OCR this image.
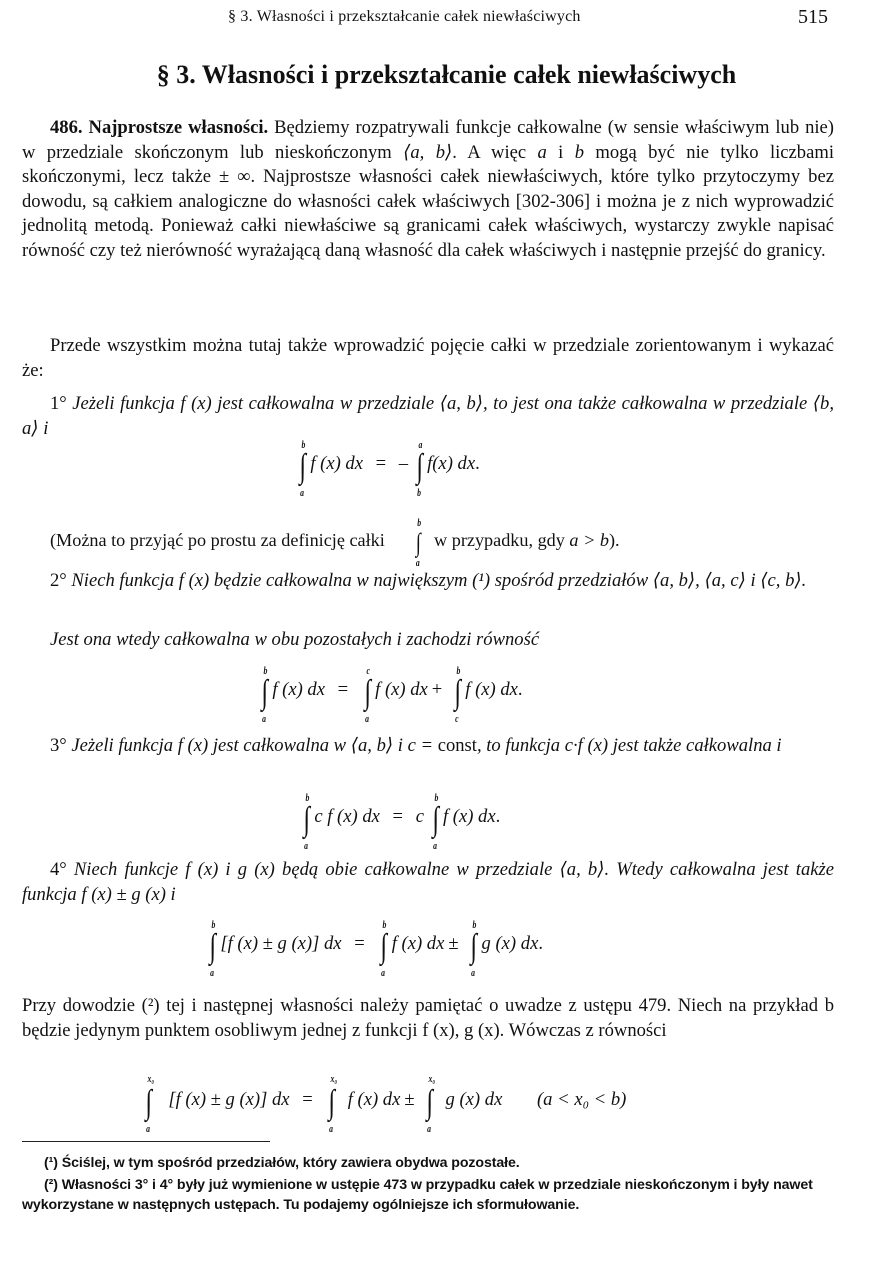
§ 3. Własności i przekształcanie całek niewłaściwych	515
§ 3. Własności i przekształcanie całek niewłaściwych

486. Najprostsze własności. Będziemy rozpatrywali funkcje całkowalne (w sensie właściwym lub nie) w przedziale skończonym lub nieskończonym ⟨a, b⟩. A więc a i b mogą być nie tylko liczbami skończonymi, lecz także ± ∞. Najprostsze własności całek niewłaściwych, które tylko przytoczymy bez dowodu, są całkiem analogiczne do własności całek właściwych [302-306] i można je z nich wyprowadzić jednolitą metodą. Ponieważ całki niewłaściwe są granicami całek właściwych, wystarczy zwykle napisać równość czy też nierówność wyrażającą daną własność dla całek właściwych i następnie przejść do granicy.

Przede wszystkim można tutaj także wprowadzić pojęcie całki w przedziale zorientowanym i wykazać że:

1° Jeżeli funkcja f (x) jest całkowalna w przedziale ⟨a, b⟩, to jest ona także całkowalna w przedziale ⟨b, a⟩ i

∫
b
a
f (x) dx = – ∫
a
b
f(x) dx.

(Można to przyjąć po prostu za definicję całki ∫
b
a
w przypadku, gdy a > b).

2° Niech funkcja f (x) będzie całkowalna w największym (¹) spośród przedziałów ⟨a, b⟩, ⟨a, c⟩ i ⟨c, b⟩.

Jest ona wtedy całkowalna w obu pozostałych i zachodzi równość

∫
b
a
f (x) dx = ∫
c
a
f (x) dx + ∫
b
c
f (x) dx.

3° Jeżeli funkcja f (x) jest całkowalna w ⟨a, b⟩ i c = const, to funkcja c·f (x) jest także całkowalna i

∫
b
a
c f (x) dx = c ∫
b
a
f (x) dx.

4° Niech funkcje f (x) i g (x) będą obie całkowalne w przedziale ⟨a, b⟩. Wtedy całkowalna jest także funkcja f (x) ± g (x) i

∫
b
a
[f (x) ± g (x)] dx = ∫
b
a
f (x) dx ± ∫
b
a
g (x) dx.

Przy dowodzie (²) tej i następnej własności należy pamiętać o uwadze z ustępu 479. Niech na przykład b będzie jedynym punktem osobliwym jednej z funkcji f (x), g (x). Wówczas z równości

∫
x₀
a
[f (x) ± g (x)] dx = ∫
x₀
a
f (x) dx ± ∫
x₀
a
g (x) dx (a < x₀ < b)

(¹) Ściślej, w tym spośród przedziałów, który zawiera obydwa pozostałe.

(²) Własności 3° i 4° były już wymienione w ustępie 473 w przypadku całek w przedziale nieskończonym i były nawet wykorzystane w następnych ustępach. Tu podajemy ogólniejsze ich sformułowanie.
